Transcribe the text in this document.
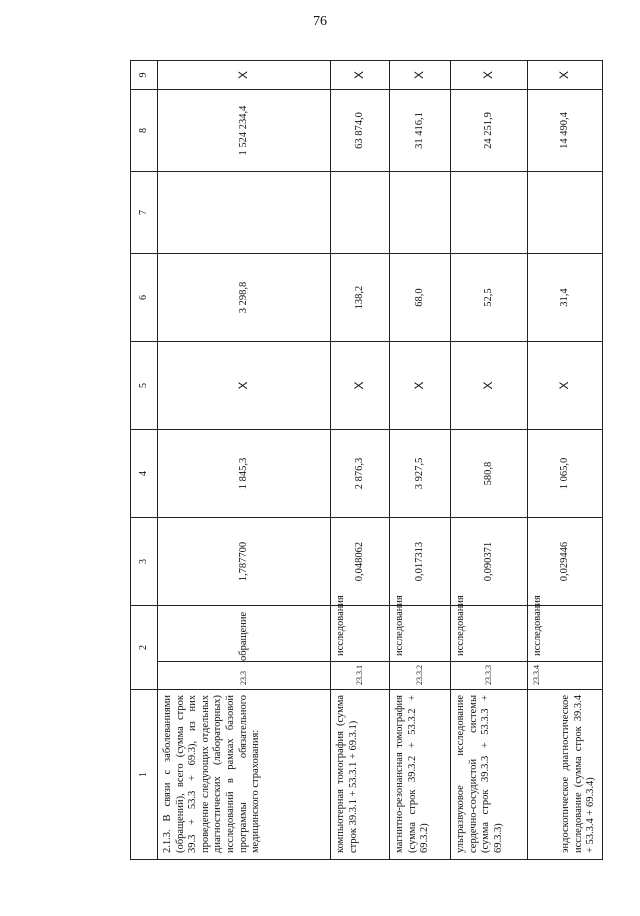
76
1	2		3	4	5	6	7	8	9
2.1.3. В связи с заболеваниями (обращений), всего (сумма строк 39.3 + 53.3 + 69.3), из них проведение следующих отдельных диагностических (лабораторных) исследований в рамках базовой программы обязательного медицинского страхования:	23.3	обращение	1,787700	1 845,3	X	3 298,8		1 524 234,4	X
компьютерная томография (сумма строк 39.3.1 + 53.3.1 + 69.3.1)	23.3.1	исследования	0,048062	2 876,3	X	138,2		63 874,0	X
магнитно-резонансная томография (сумма строк 39.3.2 + 53.3.2 + 69.3.2)	23.3.2	исследования	0,017313	3 927,5	X	68,0		31 416,1	X
ультразвуковое исследование сердечно-сосудистой системы (сумма строк 39.3.3 + 53.3.3 + 69.3.3)	23.3.3	исследования	0,090371	580,8	X	52,5		24 251,9	X
эндоскопическое диагностическое исследование (сумма строк 39.3.4 + 53.3.4 + 69.3.4)	23.3.4	исследования	0,029446	1 065,0	X	31,4		14 490,4	X
